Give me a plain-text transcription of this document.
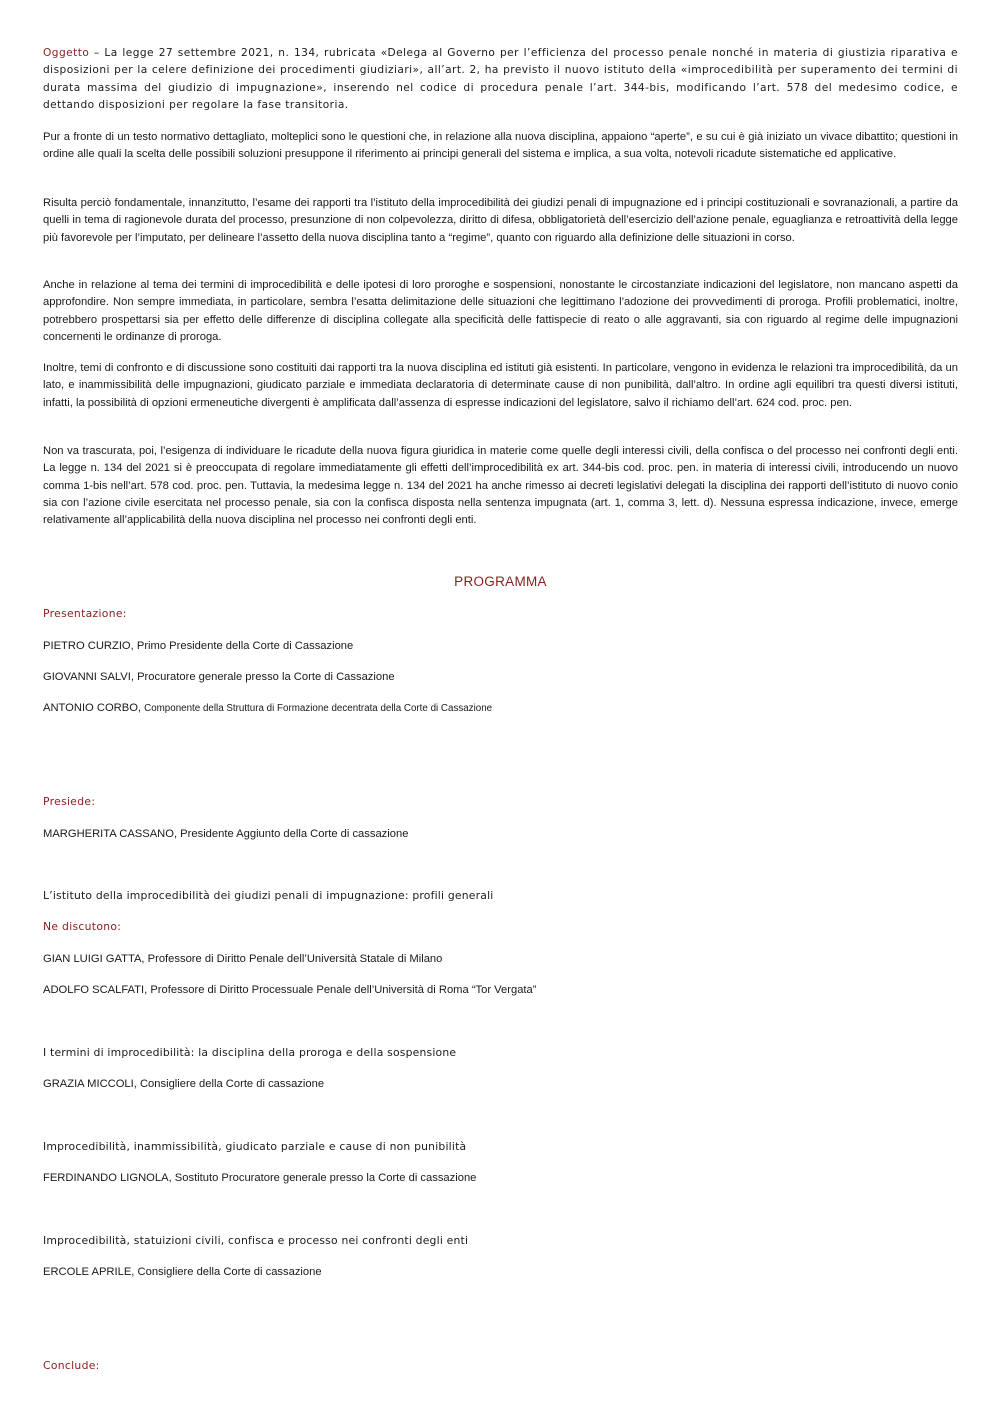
Oggetto – La legge 27 settembre 2021, n. 134, rubricata «Delega al Governo per l’efficienza del processo penale nonché in materia di giustizia riparativa e disposizioni per la celere definizione dei procedimenti giudiziari», all’art. 2, ha previsto il nuovo istituto della «improcedibilità per superamento dei termini di durata massima del giudizio di impugnazione», inserendo nel codice di procedura penale l’art. 344-bis, modificando l’art. 578 del medesimo codice, e dettando disposizioni per regolare la fase transitoria.

Pur a fronte di un testo normativo dettagliato, molteplici sono le questioni che, in relazione alla nuova disciplina, appaiono “aperte”, e su cui è già iniziato un vivace dibattito; questioni in ordine alle quali la scelta delle possibili soluzioni presuppone il riferimento ai principi generali del sistema e implica, a sua volta, notevoli ricadute sistematiche ed applicative.

Risulta perciò fondamentale, innanzitutto, l’esame dei rapporti tra l’istituto della improcedibilità dei giudizi penali di impugnazione ed i principi costituzionali e sovranazionali, a partire da quelli in tema di ragionevole durata del processo, presunzione di non colpevolezza, diritto di difesa, obbligatorietà dell’esercizio dell’azione penale, eguaglianza e retroattività della legge più favorevole per l’imputato, per delineare l’assetto della nuova disciplina tanto a “regime”, quanto con riguardo alla definizione delle situazioni in corso.

Anche in relazione al tema dei termini di improcedibilità e delle ipotesi di loro proroghe e sospensioni, nonostante le circostanziate indicazioni del legislatore, non mancano aspetti da approfondire. Non sempre immediata, in particolare, sembra l’esatta delimitazione delle situazioni che legittimano l’adozione dei provvedimenti di proroga. Profili problematici, inoltre, potrebbero prospettarsi sia per effetto delle differenze di disciplina collegate alla specificità delle fattispecie di reato o alle aggravanti, sia con riguardo al regime delle impugnazioni concernenti le ordinanze di proroga.

Inoltre, temi di confronto e di discussione sono costituiti dai rapporti tra la nuova disciplina ed istituti già esistenti. In particolare, vengono in evidenza le relazioni tra improcedibilità, da un lato, e inammissibilità delle impugnazioni, giudicato parziale e immediata declaratoria di determinate cause di non punibilità, dall’altro. In ordine agli equilibri tra questi diversi istituti, infatti, la possibilità di opzioni ermeneutiche divergenti è amplificata dall’assenza di espresse indicazioni del legislatore, salvo il richiamo dell’art. 624 cod. proc. pen.

Non va trascurata, poi, l’esigenza di individuare le ricadute della nuova figura giuridica in materie come quelle degli interessi civili, della confisca o del processo nei confronti degli enti. La legge n. 134 del 2021 si è preoccupata di regolare immediatamente gli effetti dell’improcedibilità ex art. 344-bis cod. proc. pen. in materia di interessi civili, introducendo un nuovo comma 1-bis nell’art. 578 cod. proc. pen. Tuttavia, la medesima legge n. 134 del 2021 ha anche rimesso ai decreti legislativi delegati la disciplina dei rapporti dell’istituto di nuovo conio sia con l’azione civile esercitata nel processo penale, sia con la confisca disposta nella sentenza impugnata (art. 1, comma 3, lett. d). Nessuna espressa indicazione, invece, emerge relativamente all’applicabilità della nuova disciplina nel processo nei confronti degli enti.

PROGRAMMA

Presentazione:

PIETRO CURZIO, Primo Presidente della Corte di Cassazione

GIOVANNI SALVI, Procuratore generale presso la Corte di Cassazione

ANTONIO CORBO, Componente della Struttura di Formazione decentrata della Corte di Cassazione

Presiede:

MARGHERITA CASSANO, Presidente Aggiunto della Corte di cassazione

L’istituto della improcedibilità dei giudizi penali di impugnazione: profili generali

Ne discutono:

GIAN LUIGI GATTA, Professore di Diritto Penale dell’Università Statale di Milano

ADOLFO SCALFATI, Professore di Diritto Processuale Penale dell’Università di Roma “Tor Vergata”

I termini di improcedibilità: la disciplina della proroga e della sospensione

GRAZIA MICCOLI, Consigliere della Corte di cassazione

Improcedibilità, inammissibilità, giudicato parziale e cause di non punibilità

FERDINANDO LIGNOLA, Sostituto Procuratore generale presso la Corte di cassazione

Improcedibilità, statuizioni civili, confisca e processo nei confronti degli enti

ERCOLE APRILE, Consigliere della Corte di cassazione

Conclude:
